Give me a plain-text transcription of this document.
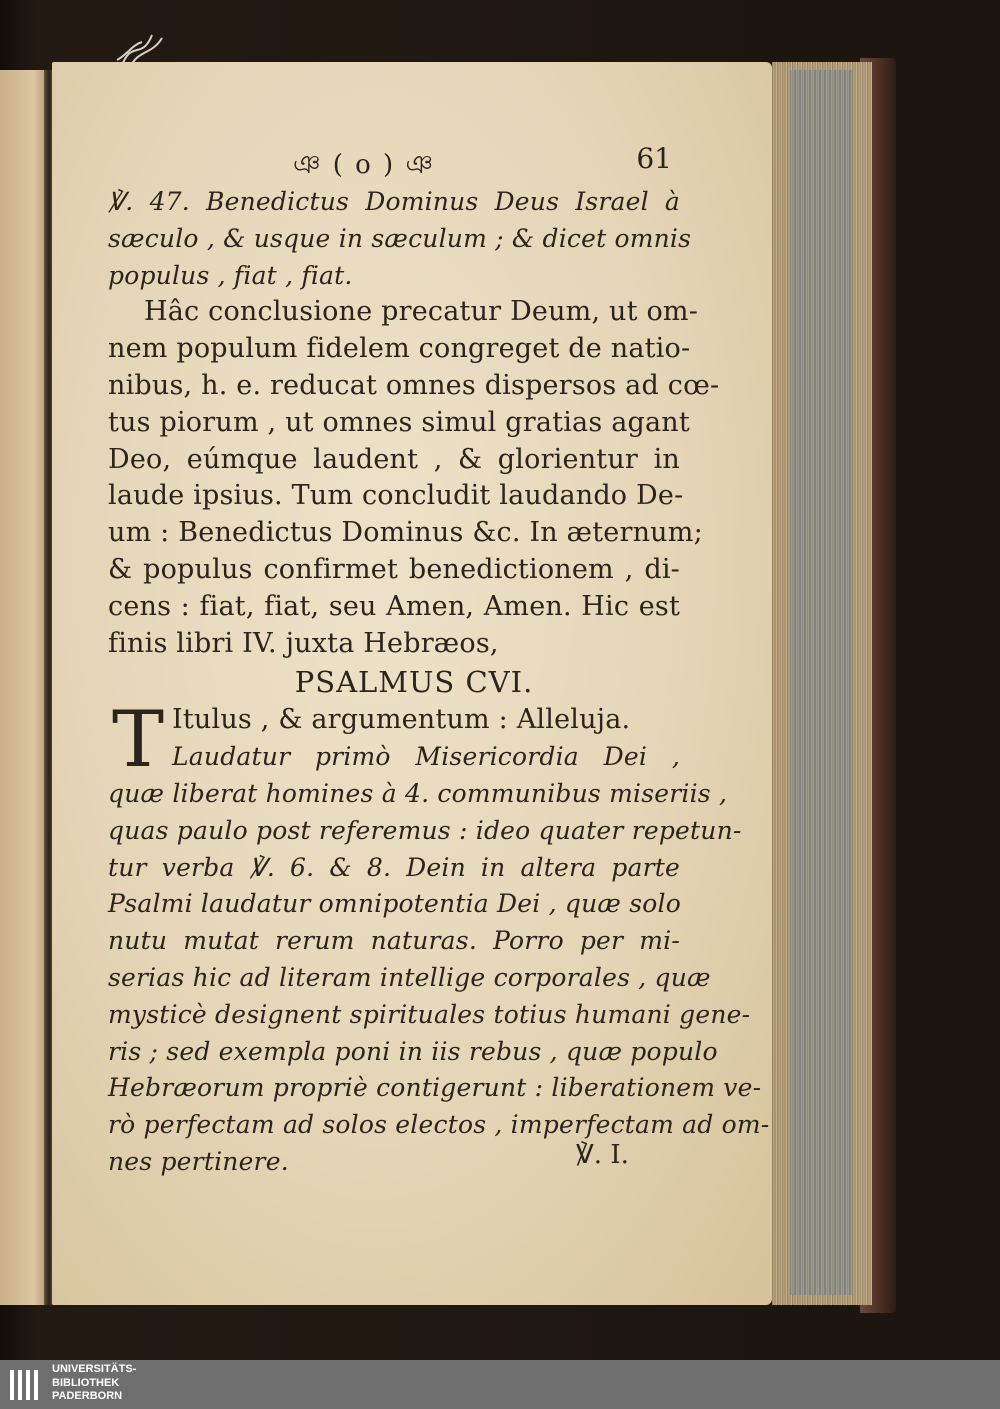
ঞ ( o ) ঞ	61
℣. 47. Benedictus Dominus Deus Israel à
sæculo , & usque in sæculum ; & dicet omnis
populus , fiat , fiat.
Hâc conclusione precatur Deum, ut om-
nem populum fidelem congreget de natio-
nibus, h. e. reducat omnes dispersos ad cœ-
tus piorum , ut omnes simul gratias agant
Deo, eúmque laudent , & glorientur in
laude ipsius. Tum concludit laudando De-
um : Benedictus Dominus &c. In æternum;
& populus confirmet benedictionem , di-
cens : fiat, fiat, seu Amen, Amen. Hic est
finis libri IV. juxta Hebræos,
PSALMUS CVI.
T Itulus , & argumentum : Alleluja.
Laudatur primò Misericordia Dei ,
quæ liberat homines à 4. communibus miseriis ,
quas paulo post referemus : ideo quater repetun-
tur verba ℣. 6. & 8. Dein in altera parte
Psalmi laudatur omnipotentia Dei , quæ solo
nutu mutat rerum naturas. Porro per mi-
serias hic ad literam intellige corporales , quæ
mysticè designent spirituales totius humani gene-
ris ; sed exempla poni in iis rebus , quæ populo
Hebræorum propriè contigerunt : liberationem ve-
rò perfectam ad solos electos , imperfectam ad om-
nes pertinere.	℣. I.
UNIVERSITÄTS-
BIBLIOTHEK
PADERBORN
